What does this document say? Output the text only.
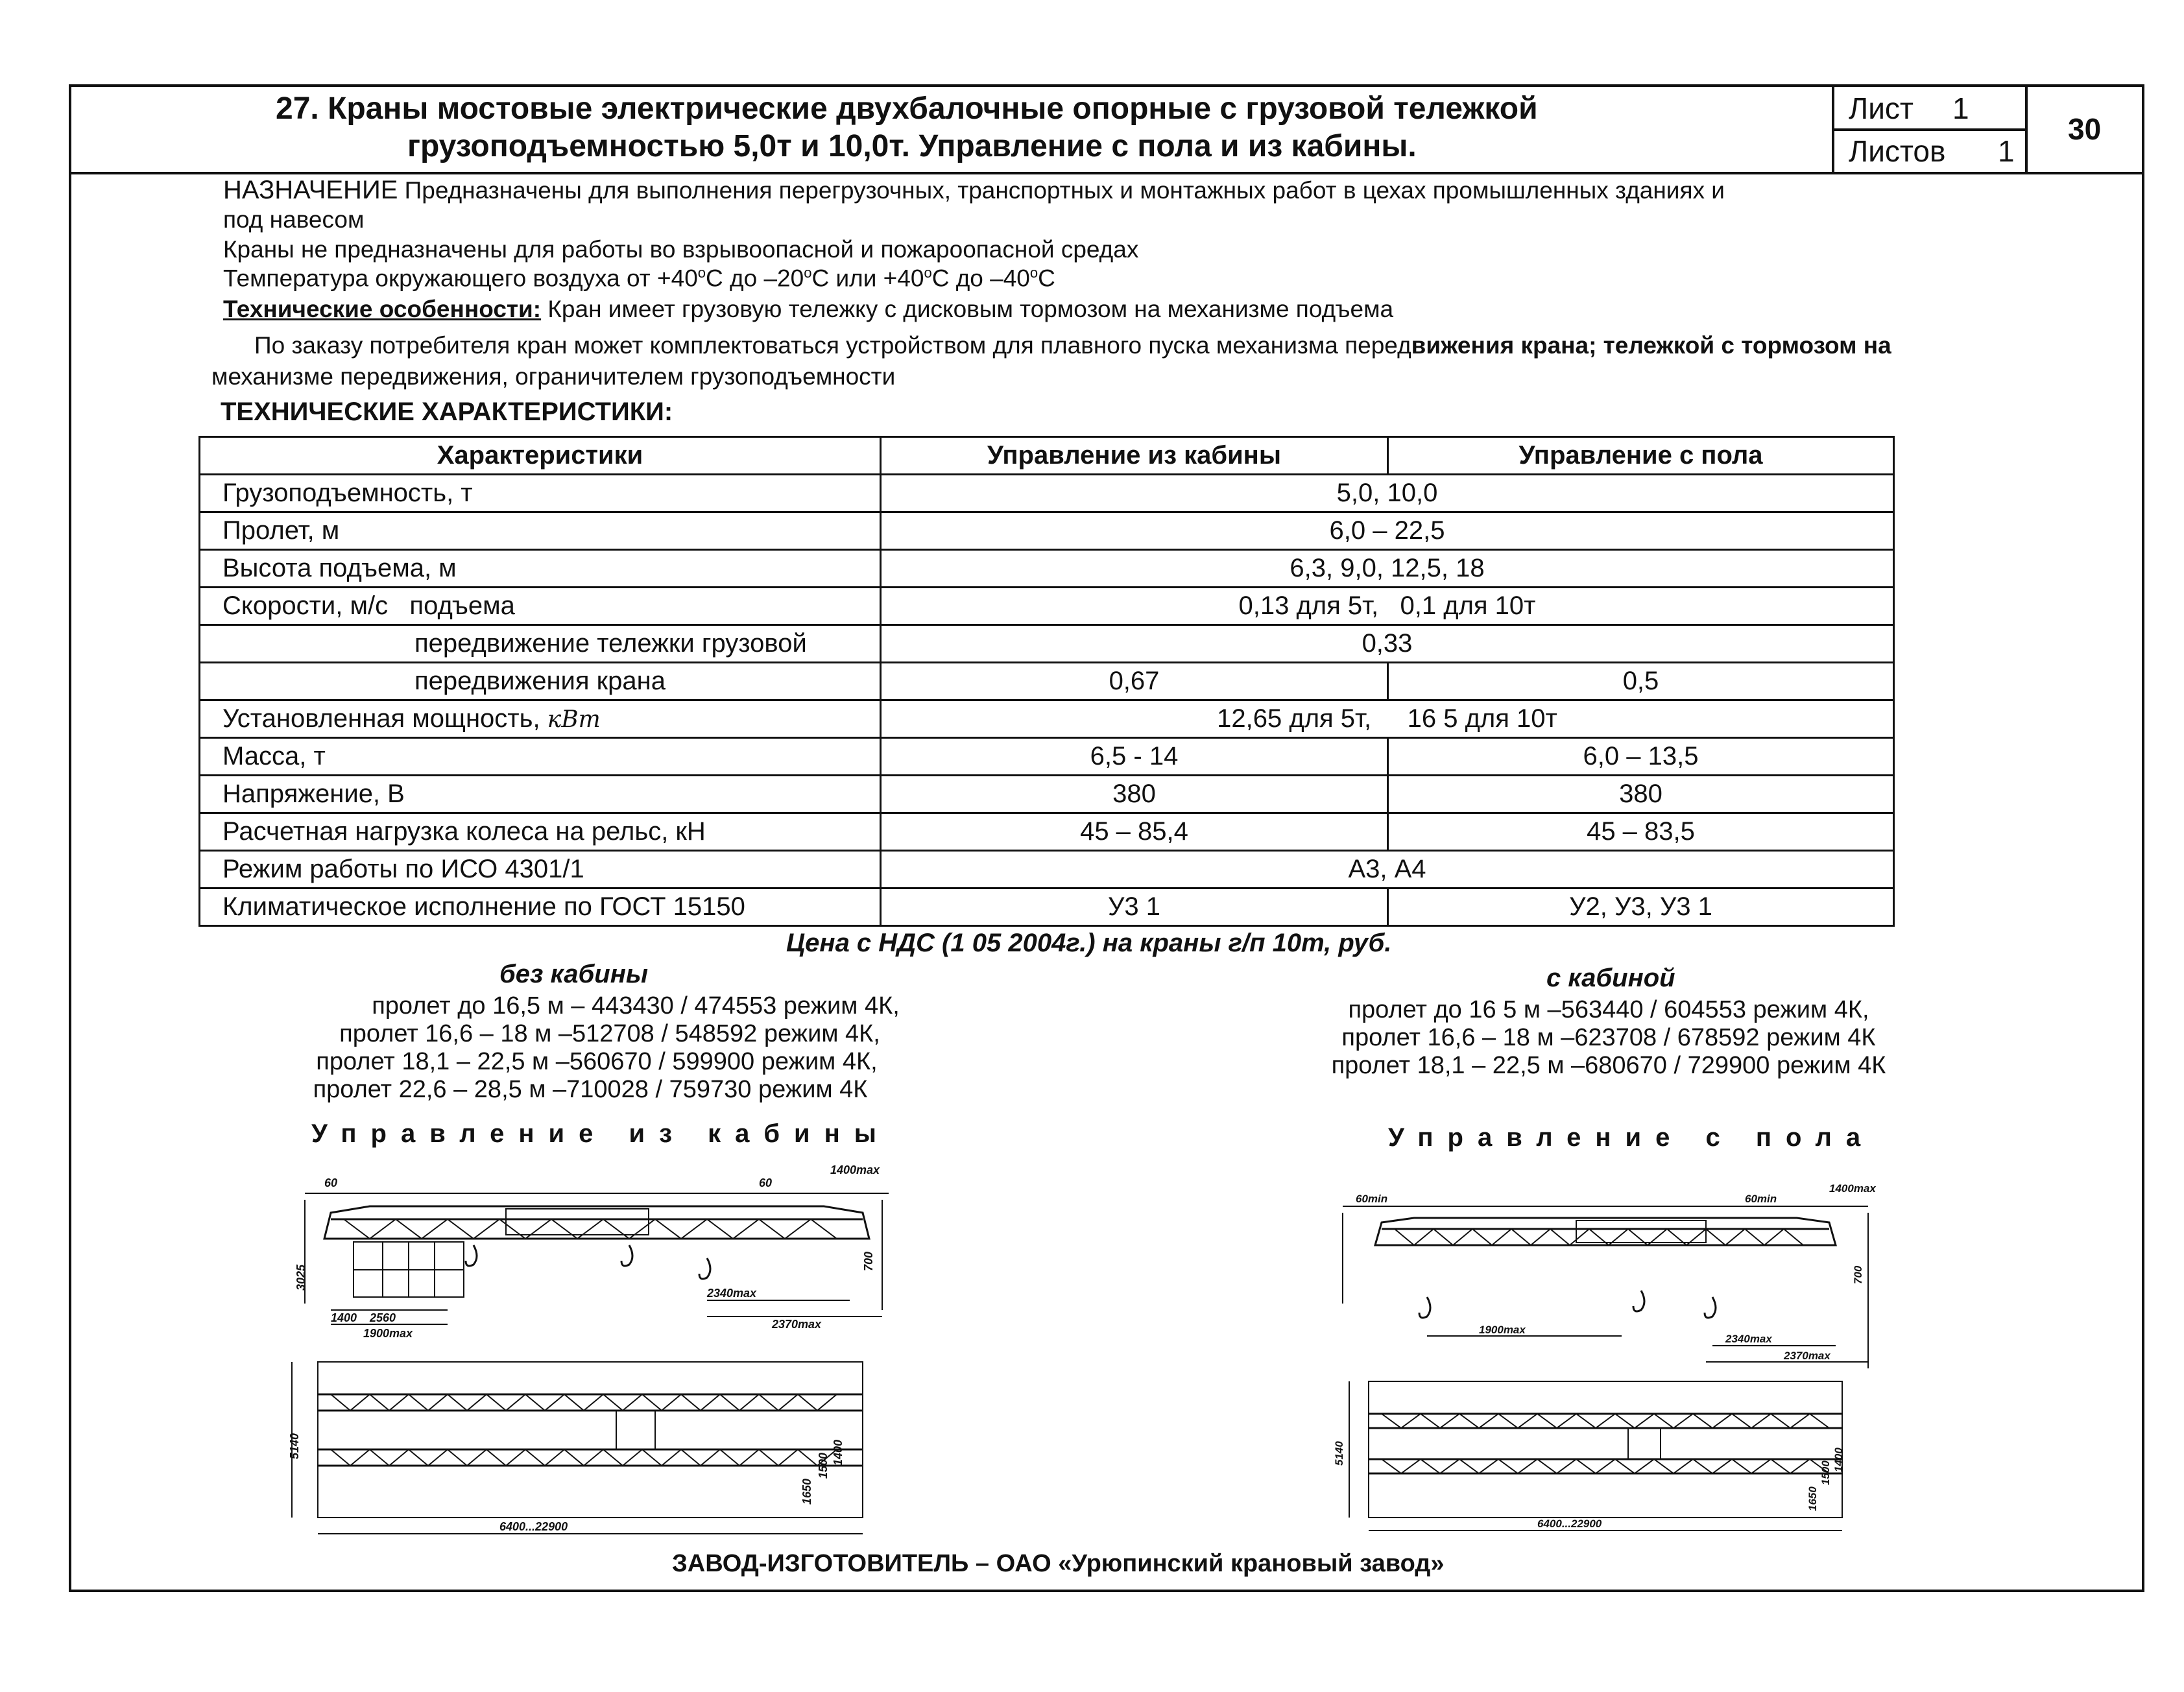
27. Краны мостовые электрические двухбалочные опорные с грузовой тележкой
грузоподъемностью 5,0т и 10,0т. Управление с пола и из кабины.
Лист 1
Листов 1
30
НАЗНАЧЕНИЕ Предназначены для выполнения перегрузочных, транспортных и монтажных работ в цехах промышленных зданиях и
под навесом
Краны не предназначены для работы во взрывоопасной и пожароопасной средах
Температура окружающего воздуха от $+40^оС$ до $-20^оС$ или $+40^оС$ до $-40^оС$
Технические особенности: Кран имеет грузовую тележку с дисковым тормозом на механизме подъема
По заказу потребителя кран может комплектоваться устройством для плавного пуска механизма передвижения крана; тележкой с тормозом на
механизме передвижения, ограничителем грузоподъемности
ТЕХНИЧЕСКИЕ ХАРАКТЕРИСТИКИ:
Характеристики	Управление из кабины	Управление с пола
Грузоподъемность, т	5,0, 10,0	
Пролет, м	6,0 – 22,5	
Высота подъема, м	6,3, 9,0, 12,5, 18	
Скорости, м/с   подъема	0,13 для 5т,   0,1 для 10т	
передвижение тележки грузовой	0,33	
передвижения крана	0,67	0,5
Установленная мощность, кВт	12,65 для 5т,     16 5 для 10т	
Масса, т	6,5 - 14	6,0 – 13,5
Напряжение, В	380	380
Расчетная нагрузка колеса на рельс, кН	45 – 85,4	45 – 83,5
Режим работы по ИСО 4301/1	А3, А4	
Климатическое исполнение по ГОСТ 15150	У3 1	У2, У3, У3 1
Цена с НДС (1 05 2004г.) на краны г/п 10т, руб.
без кабины	с кабиной
пролет до 16,5 м – 443430 / 474553 режим 4К,
пролет 16,6 – 18 м –512708 / 548592 режим 4К,
пролет 18,1 – 22,5 м –560670 / 599900 режим 4К,
пролет 22,6 – 28,5 м –710028 / 759730 режим 4К
пролет до 16 5 м –563440 / 604553 режим 4К,
пролет 16,6 – 18 м –623708 / 678592 режим 4К
пролет 18,1 – 22,5 м –680670 / 729900 режим 4К
Управление из кабины	Управление с пола
60	60
1400max
3025
700
1400 2560
1900max
2340max
2370max
5140
1650
1500 1400
6400...22900
60min	60min
1400max
700
1900max
2340max
2370max
5140
1650
1500
1400
6400...22900
ЗАВОД-ИЗГОТОВИТЕЛЬ – ОАО «Урюпинский крановый завод»
